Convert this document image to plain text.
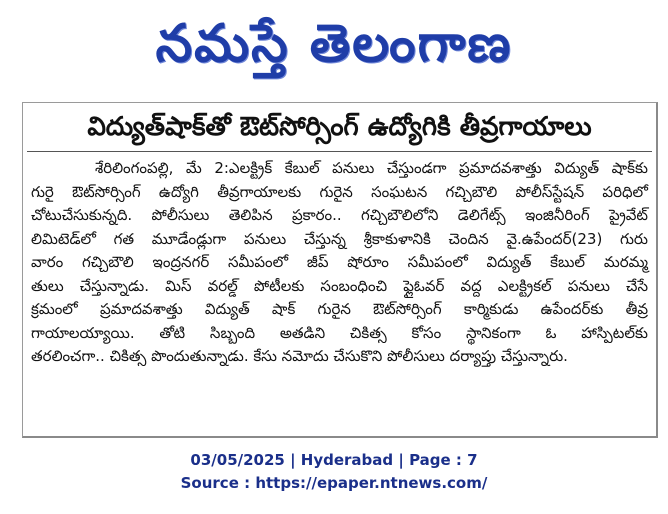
నమస్తే తెలంగాణ
విద్యుత్‌షాక్‌తో ఔట్‌సోర్సింగ్‌ ఉద్యోగికి తీవ్రగాయాలు
శేరిలింగంపల్లి, మే 2:ఎలక్ట్రిక్‌ కేబుల్‌ పనులు చేస్తుండగా ప్రమాదవశాత్తు విద్యుత్‌ షాక్‌కు
గురై ఔట్‌సోర్సింగ్‌ ఉద్యోగి తీవ్రగాయాలకు గురైన సంఘటన గచ్చిబౌలి పోలీస్‌స్టేషన్‌ పరిధిలో
చోటుచేసుకున్నది. పోలీసులు తెలిపిన ప్రకారం.. గచ్చిబౌలిలోని డెలిగేట్స్‌ ఇంజినీరింగ్‌ ప్రైవేట్‌
లిమిటెడ్‌లో గత మూడేండ్లుగా పనులు చేస్తున్న శ్రీకాకుళానికి చెందిన వై.ఉపేందర్‌(23) గురు
వారం గచ్చిబౌలి ఇంద్రనగర్‌ సమీపంలో జీప్‌ షోరూం సమీపంలో విద్యుత్‌ కేబుల్‌ మరమ్మ
తులు చేస్తున్నాడు. మిస్‌ వరల్డ్‌ పోటీలకు సంబంధించి ఫ్లైఓవర్‌ వద్ద ఎలక్ట్రికల్‌ పనులు చేసే
క్రమంలో ప్రమాదవశాత్తు విద్యుత్‌ షాక్‌ గురైన ఔట్‌సోర్సింగ్‌ కార్మికుడు ఉపేందర్‌కు తీవ్ర
గాయాలయ్యాయి. తోటి సిబ్బంది అతడిని చికిత్స కోసం స్థానికంగా ఓ హాస్పిటల్‌కు
తరలించగా.. చికిత్స పొందుతున్నాడు. కేసు నమోదు చేసుకొని పోలీసులు దర్యాప్తు చేస్తున్నారు.
03/05/2025 | Hyderabad | Page : 7
Source : https://epaper.ntnews.com/
